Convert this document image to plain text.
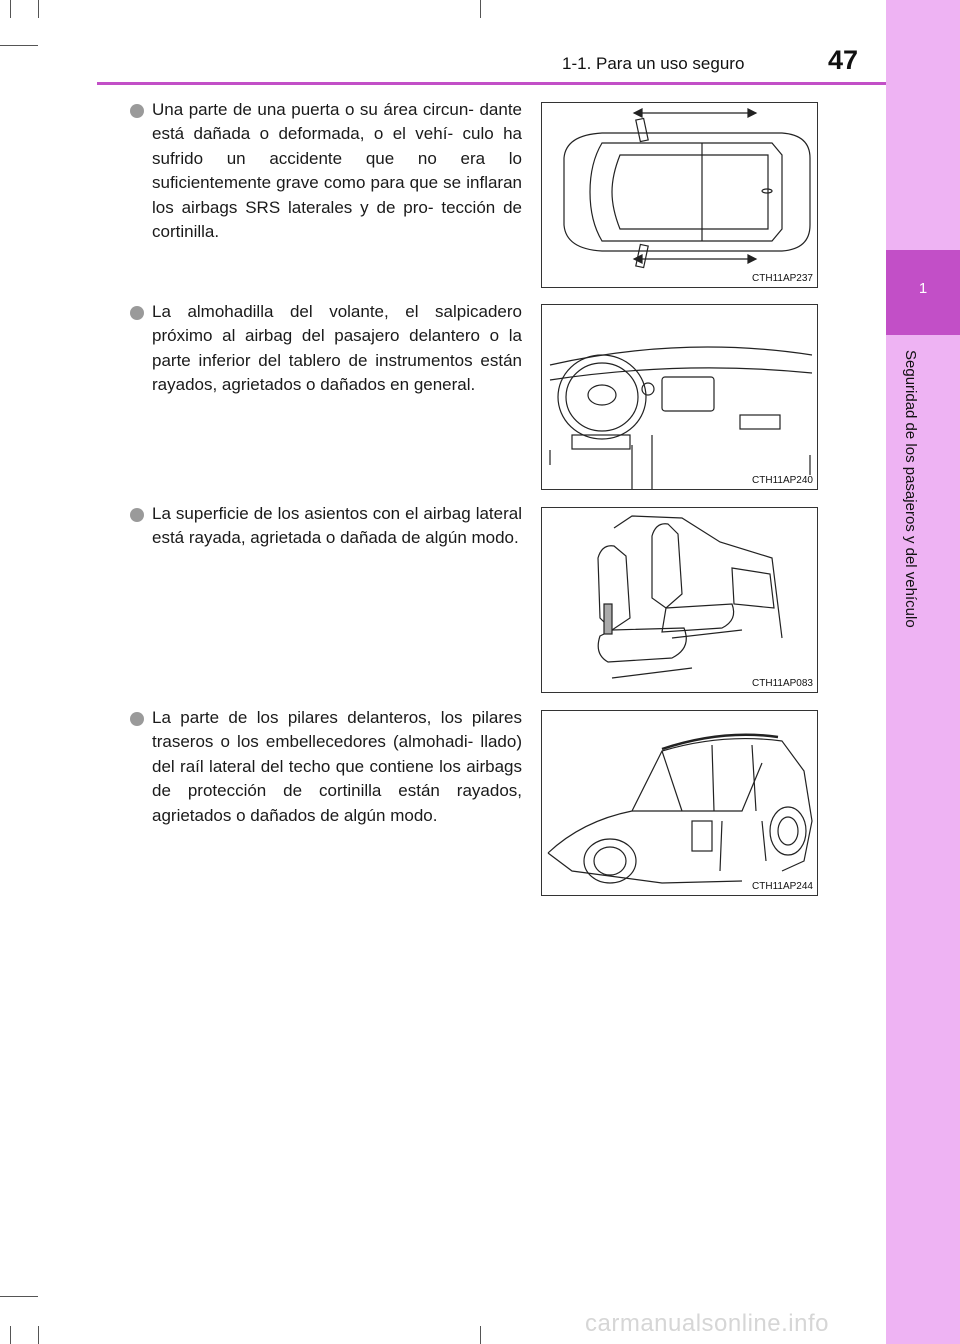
1
Seguridad de los pasajeros y del vehículo
1-1. Para un uso seguro	47

Una parte de una puerta o su área circun- dante está dañada o deformada, o el vehí- culo ha sufrido un accidente que no era lo suficientemente grave como para que se inflaran los airbags SRS laterales y de pro- tección de cortinilla.

CTH11AP237

La almohadilla del volante, el salpicadero próximo al airbag del pasajero delantero o la parte inferior del tablero de instrumentos están rayados, agrietados o dañados en general.

CTH11AP240

La superficie de los asientos con el airbag lateral está rayada, agrietada o dañada de algún modo.

CTH11AP083

La parte de los pilares delanteros, los pilares traseros o los embellecedores (almohadi- llado) del raíl lateral del techo que contiene los airbags de protección de cortinilla están rayados, agrietados o dañados de algún modo.

CTH11AP244
carmanualsonline.info
